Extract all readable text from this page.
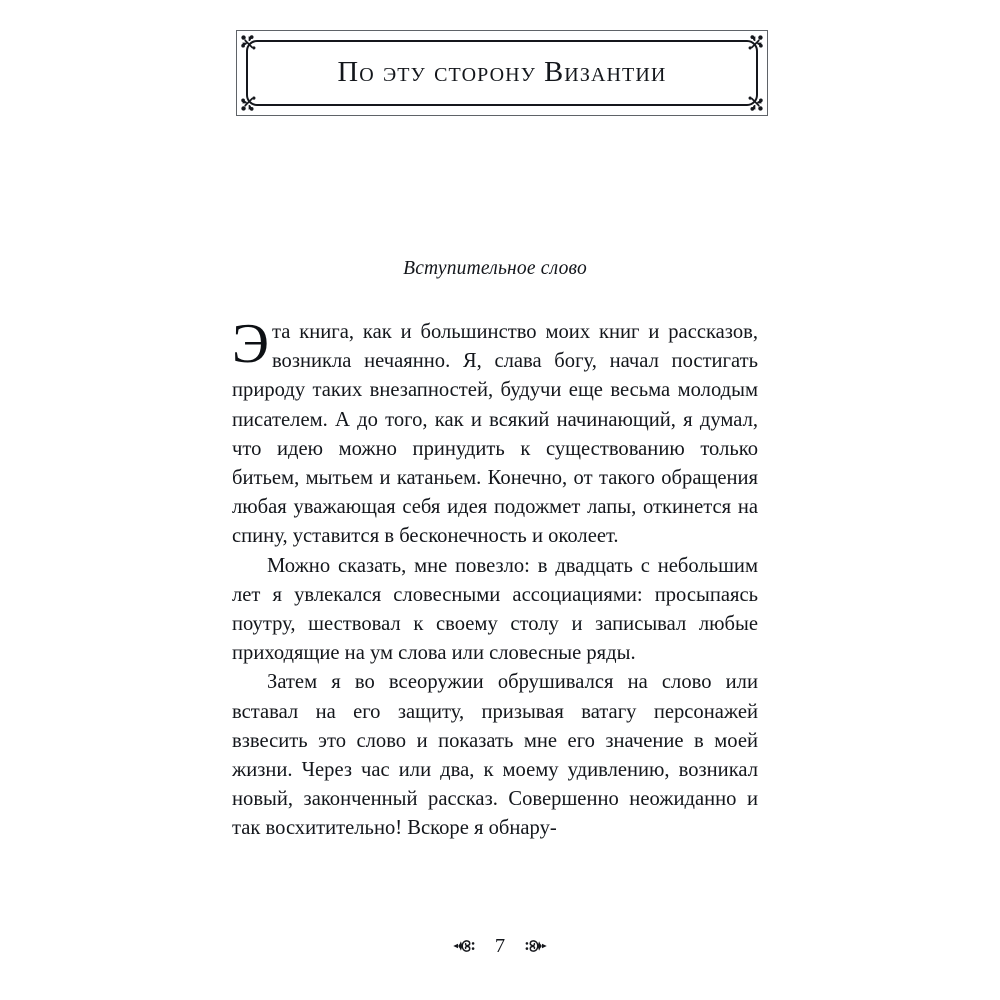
По эту сторону Византии
Вступительное слово

Эта книга, как и большинство моих книг и рассказов, возникла нечаянно. Я, слава богу, начал постигать природу таких внезапностей, будучи еще весьма молодым писателем. А до того, как и всякий начинающий, я думал, что идею можно принудить к существованию только битьем, мытьем и катаньем. Конечно, от такого обращения любая уважающая себя идея подожмет лапы, откинется на спину, уставится в бесконечность и околеет.

Можно сказать, мне повезло: в двадцать с небольшим лет я увлекался словесными ассоциациями: просыпаясь поутру, шествовал к своему столу и записывал любые приходящие на ум слова или словесные ряды.

Затем я во всеоружии обрушивался на слово или вставал на его защиту, призывая ватагу персонажей взвесить это слово и показать мне его значение в моей жизни. Через час или два, к моему удивлению, возникал новый, законченный рассказ. Совершенно неожиданно и так восхитительно! Вскоре я обнару-

7
